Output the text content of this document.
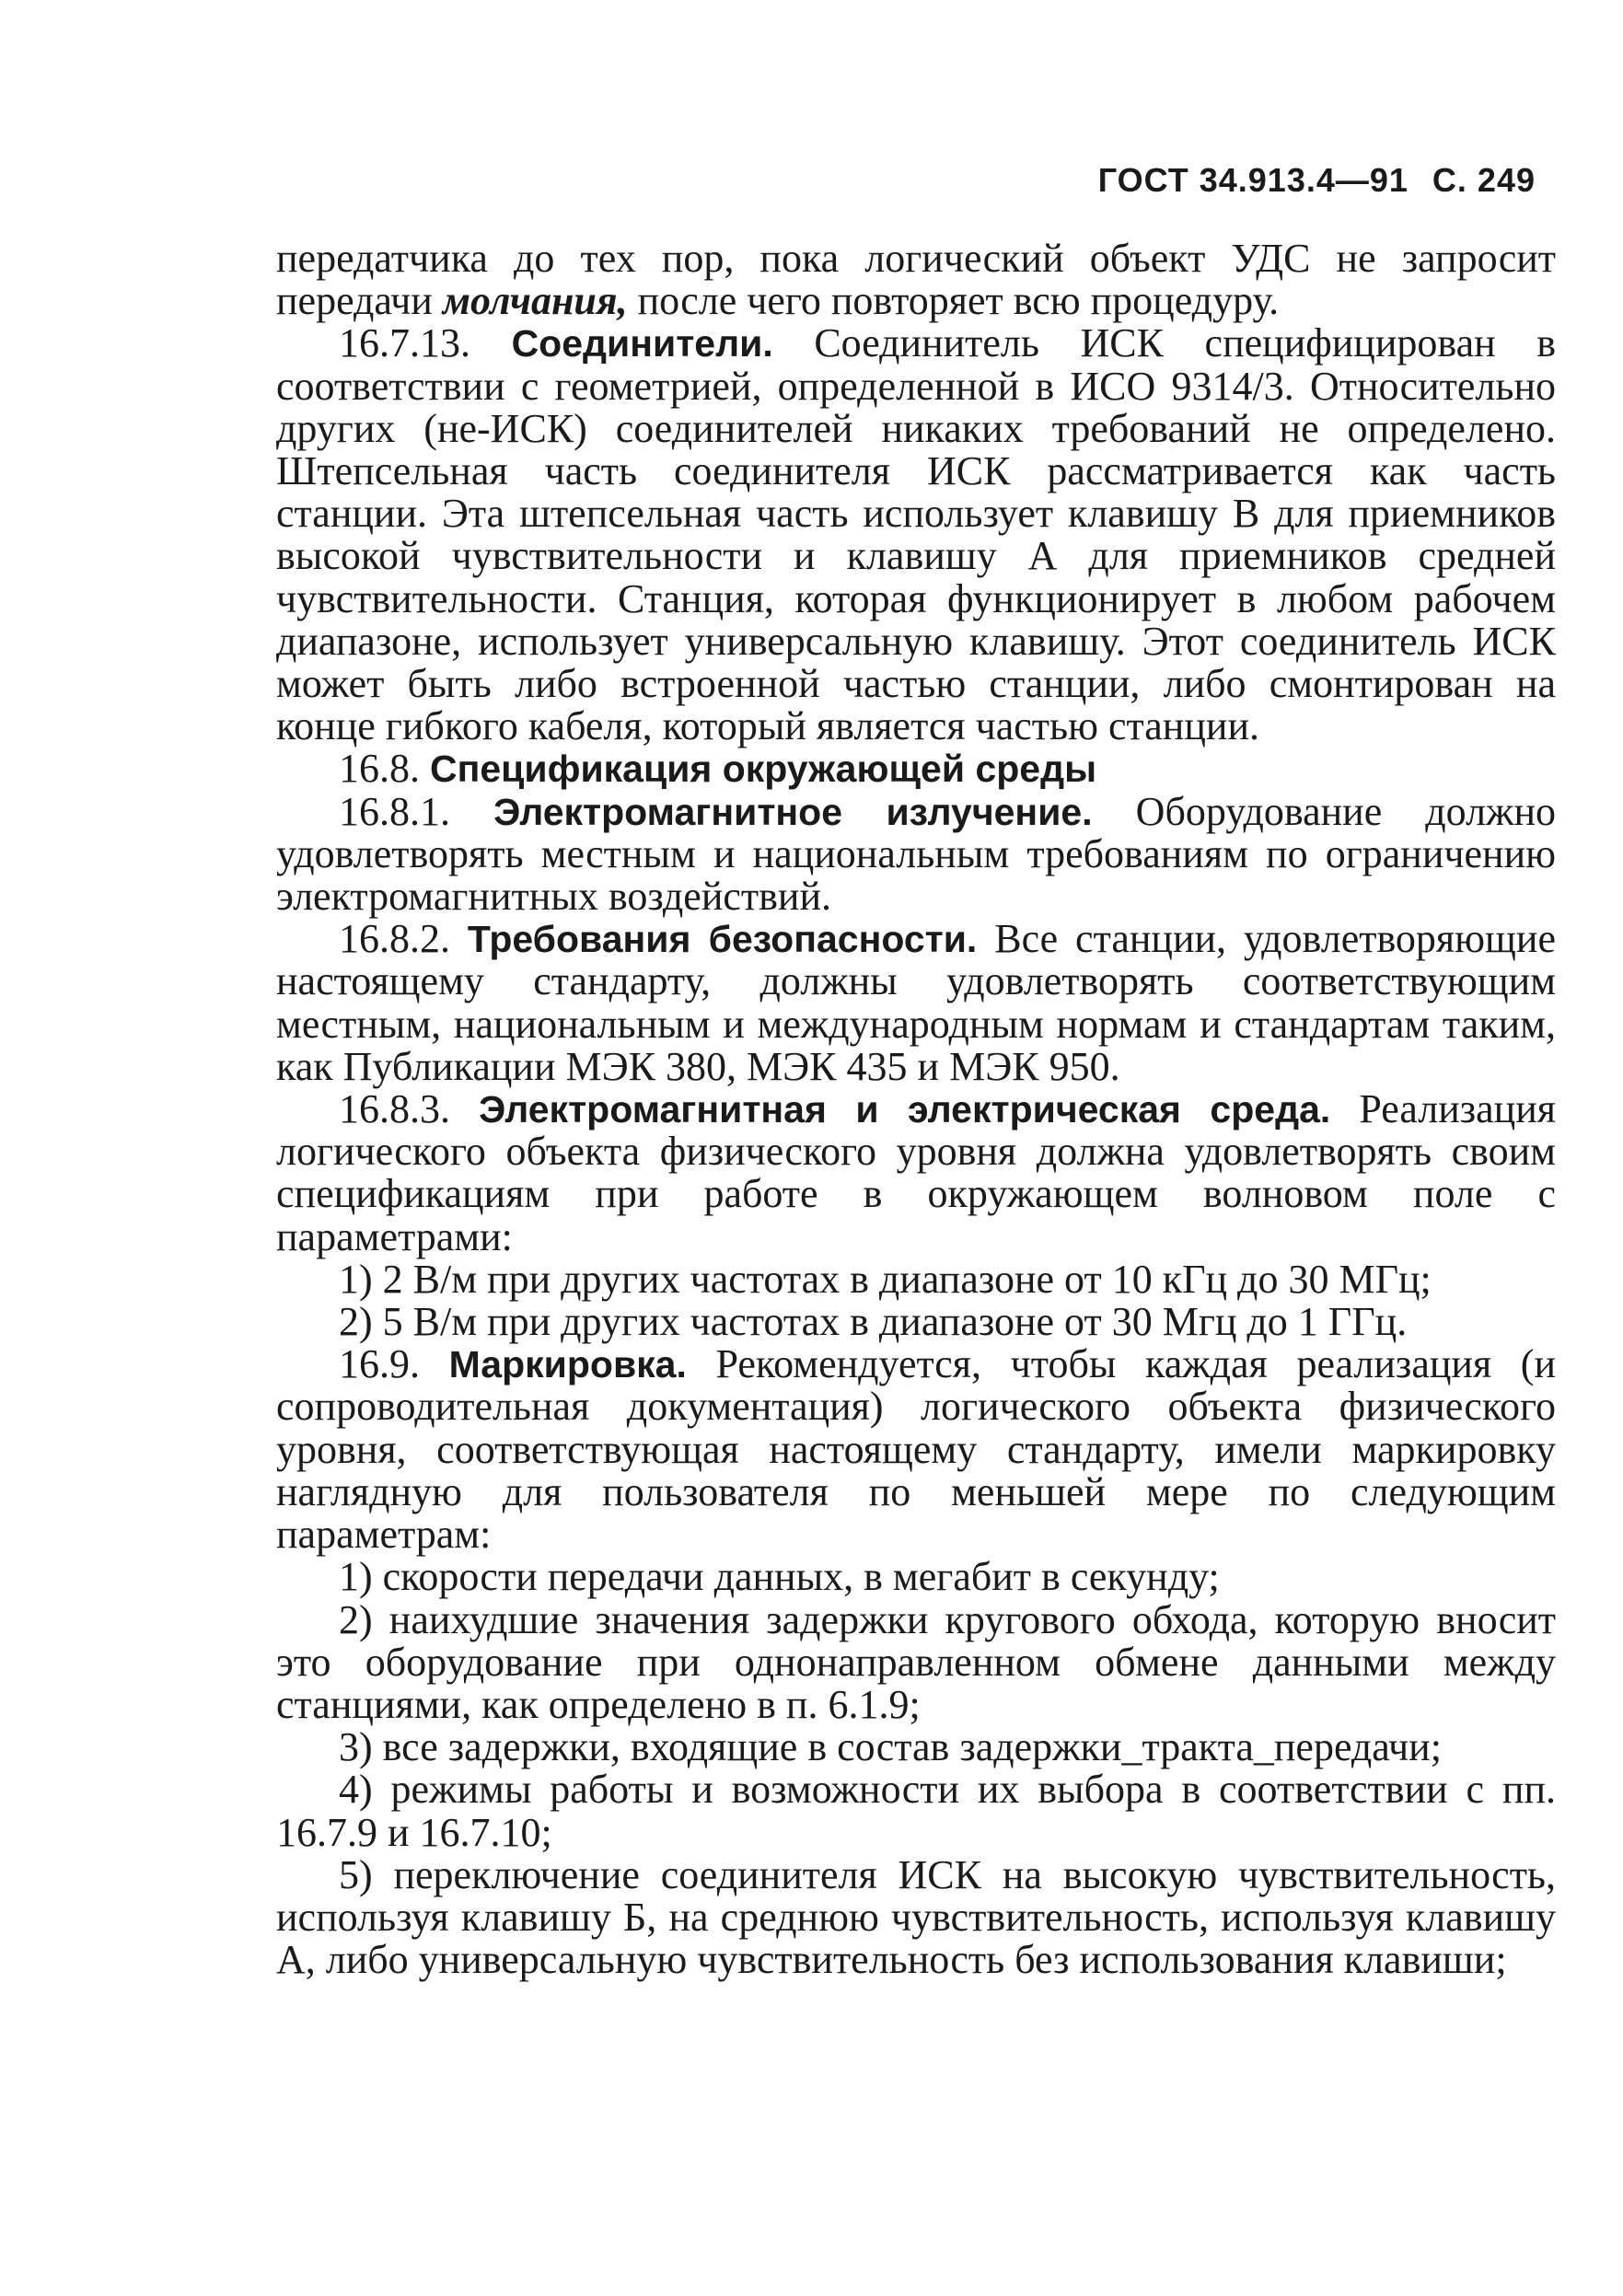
ГОСТ 34.913.4—91 С. 249

передатчика до тех пор, пока логический объект УДС не запросит передачи молчания, после чего повторяет всю процедуру.

16.7.13. Соединители. Соединитель ИСК специфицирован в соответствии с геометрией, определенной в ИСО 9314/3. Относительно других (не-ИСК) соединителей никаких требований не определено. Штепсельная часть соединителя ИСК рассматривается как часть станции. Эта штепсельная часть использует клавишу В для приемников высокой чувствительности и клавишу А для приемников средней чувствительности. Станция, которая функционирует в любом рабочем диапазоне, использует универсальную клавишу. Этот соединитель ИСК может быть либо встроенной частью станции, либо смонтирован на конце гибкого кабеля, который является частью станции.

16.8. Спецификация окружающей среды

16.8.1. Электромагнитное излучение. Оборудование должно удовлетворять местным и национальным требованиям по ограничению электромагнитных воздействий.

16.8.2. Требования безопасности. Все станции, удовлетворяющие настоящему стандарту, должны удовлетворять соответствующим местным, национальным и международным нормам и стандартам таким, как Публикации МЭК 380, МЭК 435 и МЭК 950.

16.8.3. Электромагнитная и электрическая среда. Реализация логического объекта физического уровня должна удовлетворять своим спецификациям при работе в окружающем волновом поле с параметрами:

1) 2 В/м при других частотах в диапазоне от 10 кГц до 30 МГц;

2) 5 В/м при других частотах в диапазоне от 30 Мгц до 1 ГГц.

16.9. Маркировка. Рекомендуется, чтобы каждая реализация (и сопроводительная документация) логического объекта физического уровня, соответствующая настоящему стандарту, имели маркировку наглядную для пользователя по меньшей мере по следующим параметрам:

1) скорости передачи данных, в мегабит в секунду;

2) наихудшие значения задержки кругового обхода, которую вносит это оборудование при однонаправленном обмене данными между станциями, как определено в п. 6.1.9;

3) все задержки, входящие в состав задержки_тракта_передачи;

4) режимы работы и возможности их выбора в соответствии с пп. 16.7.9 и 16.7.10;

5) переключение соединителя ИСК на высокую чувствительность, используя клавишу Б, на среднюю чувствительность, используя клавишу А, либо универсальную чувствительность без использования клавиши;
